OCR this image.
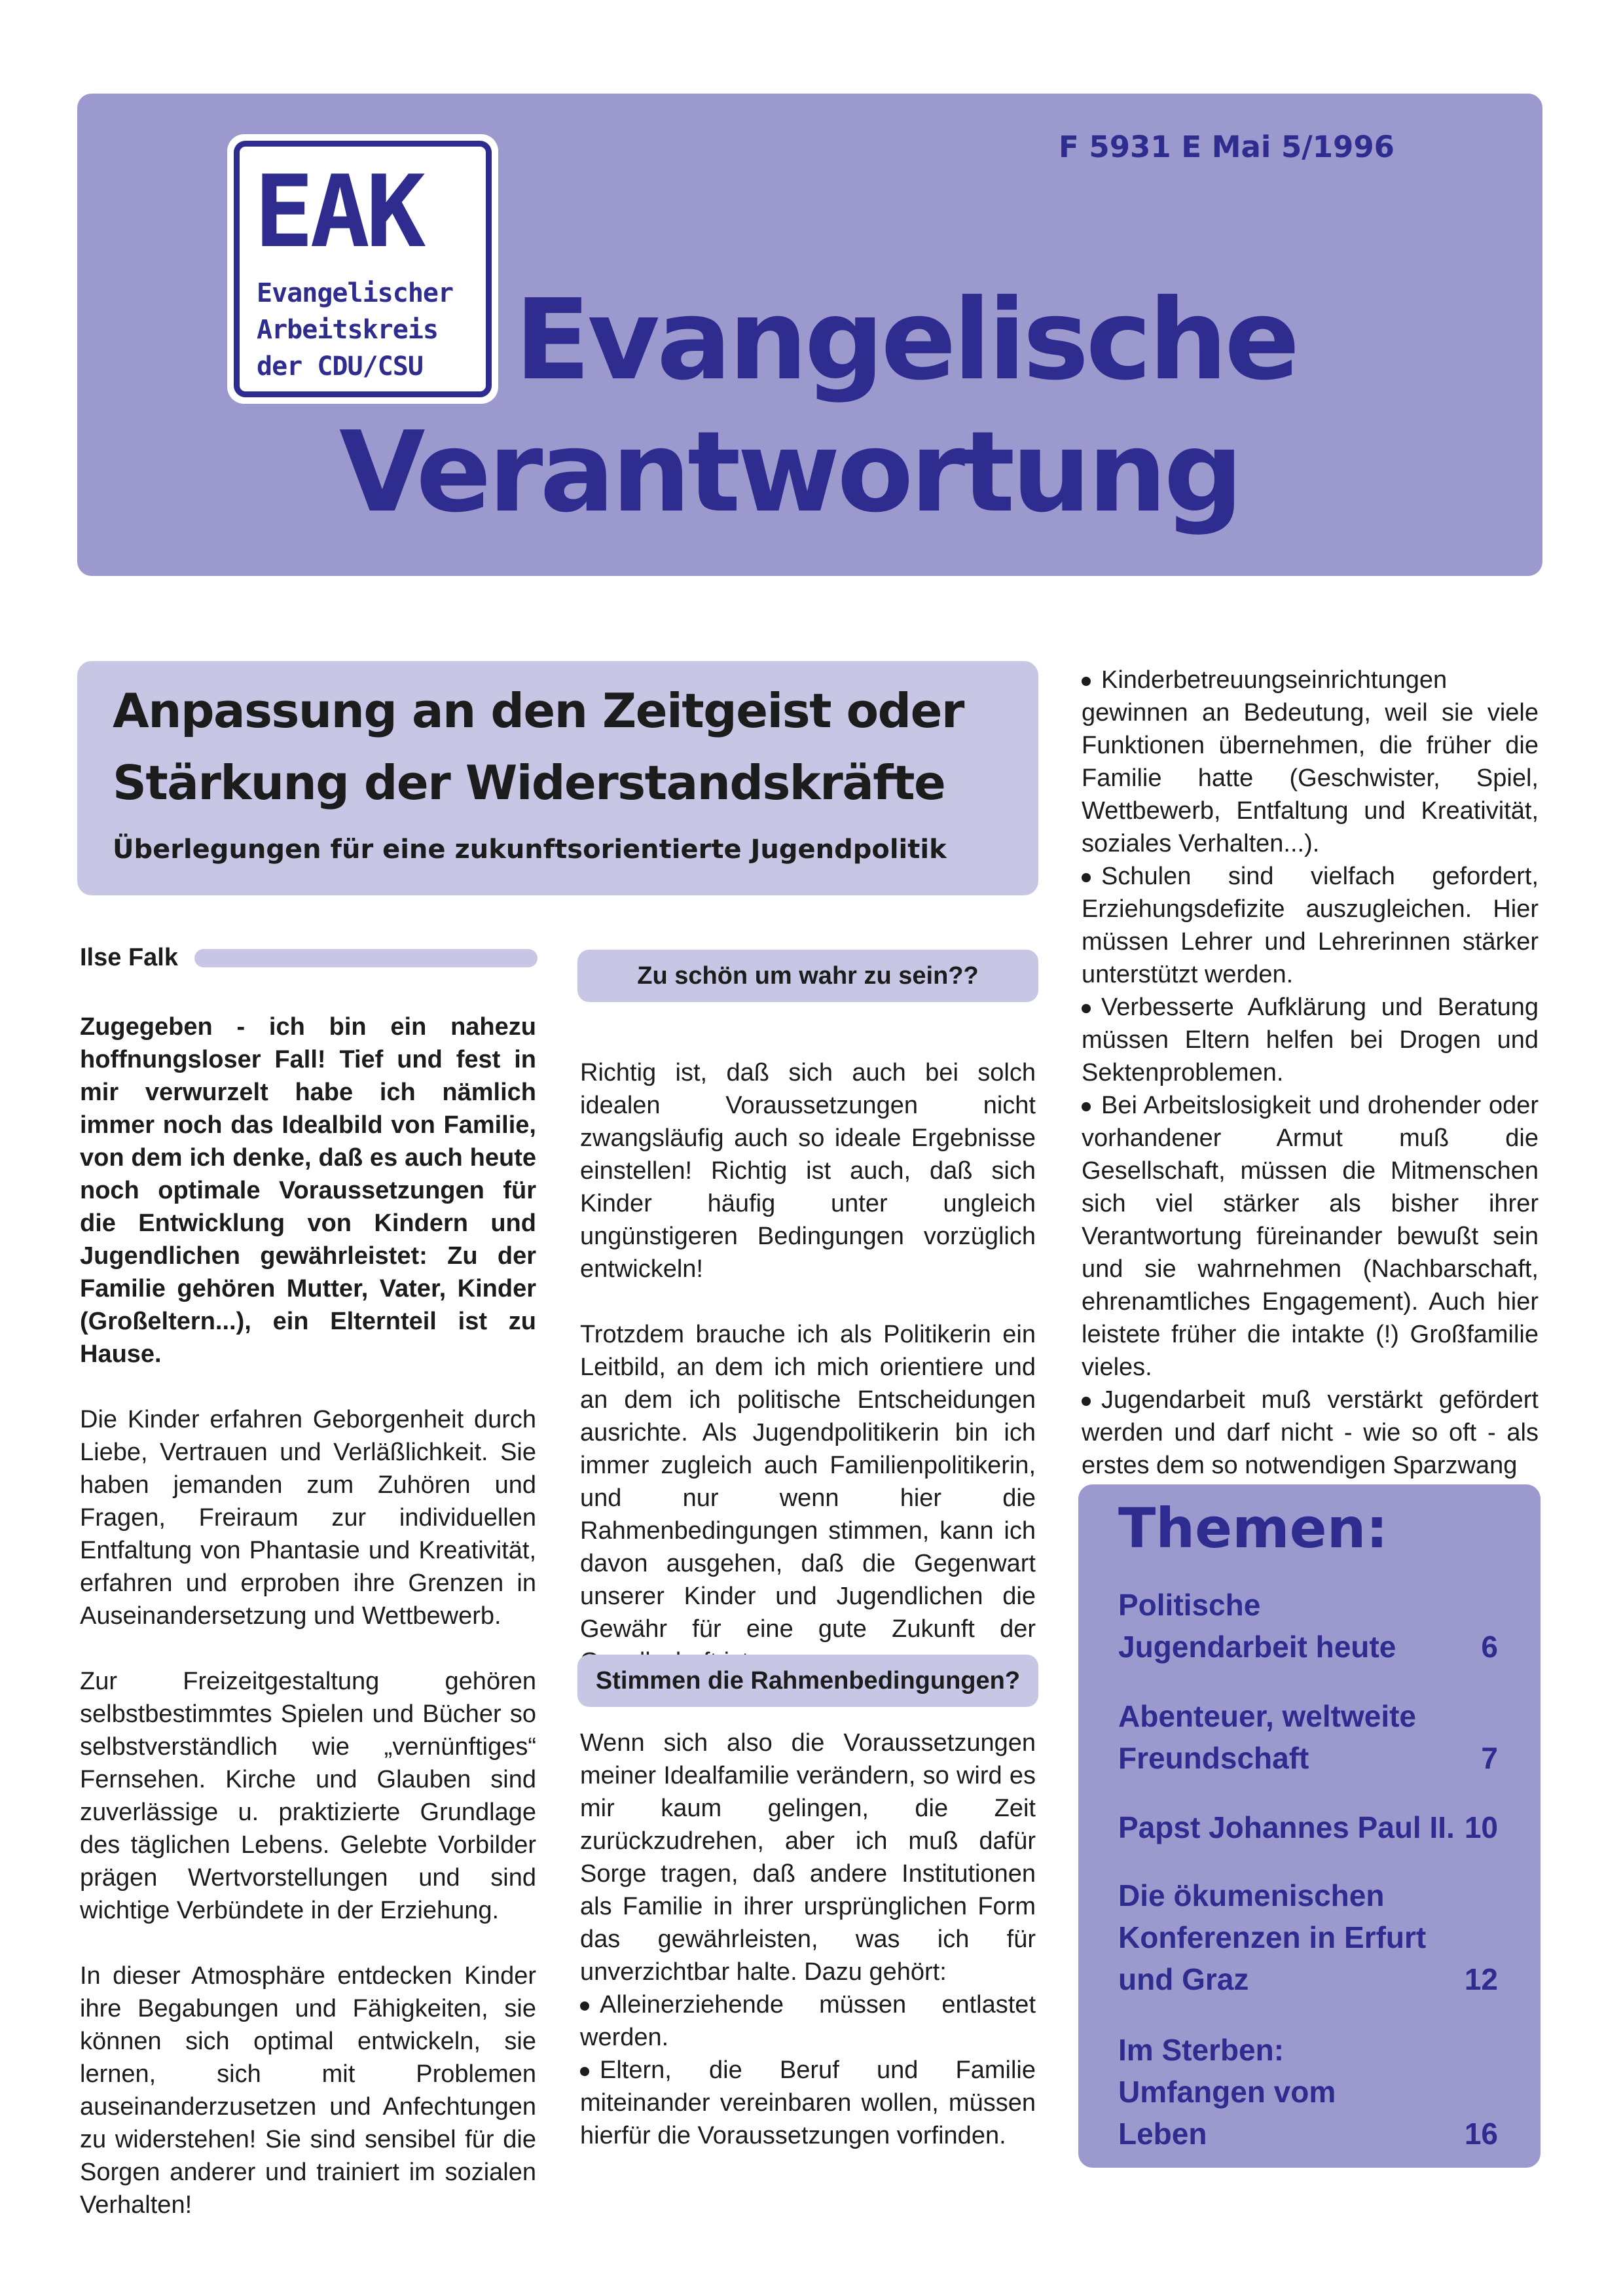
EAK
Evangelischer
Arbeitskreis
der CDU/CSU
F 5931 E Mai 5/1996
Evangelische
Verantwortung
Anpassung an den Zeitgeist oder
Stärkung der Widerstandskräfte
Überlegungen für eine zukunftsorientierte Jugendpolitik
Ilse Falk

Zugegeben - ich bin ein nahezu hoffnungsloser Fall! Tief und fest in mir verwurzelt habe ich nämlich immer noch das Idealbild von Familie, von dem ich denke, daß es auch heute noch optimale Voraussetzungen für die Entwicklung von Kindern und Jugendlichen gewährleistet: Zu der Familie gehören Mutter, Vater, Kinder (Großeltern...), ein Elternteil ist zu Hause.

Die Kinder erfahren Geborgenheit durch Liebe, Vertrauen und Verläßlichkeit. Sie haben jemanden zum Zuhören und Fragen, Freiraum zur individuellen Entfaltung von Phantasie und Kreativität, erfahren und erproben ihre Grenzen in Auseinandersetzung und Wettbewerb.

Zur Freizeitgestaltung gehören selbstbestimmtes Spielen und Bücher so selbstverständlich wie „vernünftiges“ Fernsehen. Kirche und Glauben sind zuverlässige u. praktizierte Grundlage des täglichen Lebens. Gelebte Vorbilder prägen Wertvorstellungen und sind wichtige Verbündete in der Erziehung.

In dieser Atmosphäre entdecken Kinder ihre Begabungen und Fähigkeiten, sie können sich optimal entwickeln, sie lernen, sich mit Problemen auseinanderzusetzen und Anfechtungen zu widerstehen! Sie sind sensibel für die Sorgen anderer und trainiert im sozialen Verhalten!

Zu schön um wahr zu sein??

Richtig ist, daß sich auch bei solch idealen Voraussetzungen nicht zwangsläufig auch so ideale Ergebnisse einstellen! Richtig ist auch, daß sich Kinder häufig unter ungleich ungünstigeren Bedingungen vorzüglich entwickeln!

Trotzdem brauche ich als Politikerin ein Leitbild, an dem ich mich orientiere und an dem ich politische Entscheidungen ausrichte. Als Jugendpolitikerin bin ich immer zugleich auch Familienpolitikerin, und nur wenn hier die Rahmenbedingungen stimmen, kann ich davon ausgehen, daß die Gegenwart unserer Kinder und Jugendlichen die Gewähr für eine gute Zukunft der

Stimmen die Rahmenbedingungen?

Wenn sich also die Voraussetzungen meiner Idealfamilie verändern, so wird es mir kaum gelingen, die Zeit zurückzudrehen, aber ich muß dafür Sorge tragen, daß andere Institutionen als Familie in ihrer ursprünglichen Form das gewährleisten, was ich für unverzichtbar halte. Dazu gehört:

Alleinerziehende müssen entlastet werden.

Eltern, die Beruf und Familie miteinander vereinbaren wollen, müssen hierfür die Voraussetzungen vorfinden.

Kinderbetreuungseinrichtungen gewinnen an Bedeutung, weil sie viele Funktionen übernehmen, die früher die Familie hatte (Geschwister, Spiel, Wettbewerb, Entfaltung und Kreativität, soziales Verhalten...).

Schulen sind vielfach gefordert, Erziehungsdefizite auszugleichen. Hier müssen Lehrer und Lehrerinnen stärker unterstützt werden.

Verbesserte Aufklärung und Beratung müssen Eltern helfen bei Drogen und Sektenproblemen.

Bei Arbeitslosigkeit und drohender oder vorhandener Armut muß die Gesellschaft, müssen die Mitmenschen sich viel stärker als bisher ihrer Verantwortung füreinander bewußt sein und sie wahrnehmen (Nachbarschaft, ehrenamtliches Engagement). Auch hier leistete früher die intakte (!) Großfamilie vieles.

Jugendarbeit muß verstärkt gefördert werden und darf nicht - wie so oft - als erstes dem so notwendigen Sparzwang

Themen:
Politische Jugendarbeit heute	6
Abenteuer, weltweite Freundschaft	7
Papst Johannes Paul II. 10
Die ökumenischen Konferenzen in Erfurt und Graz	12
Im Sterben: Umfangen vom Leben	16
